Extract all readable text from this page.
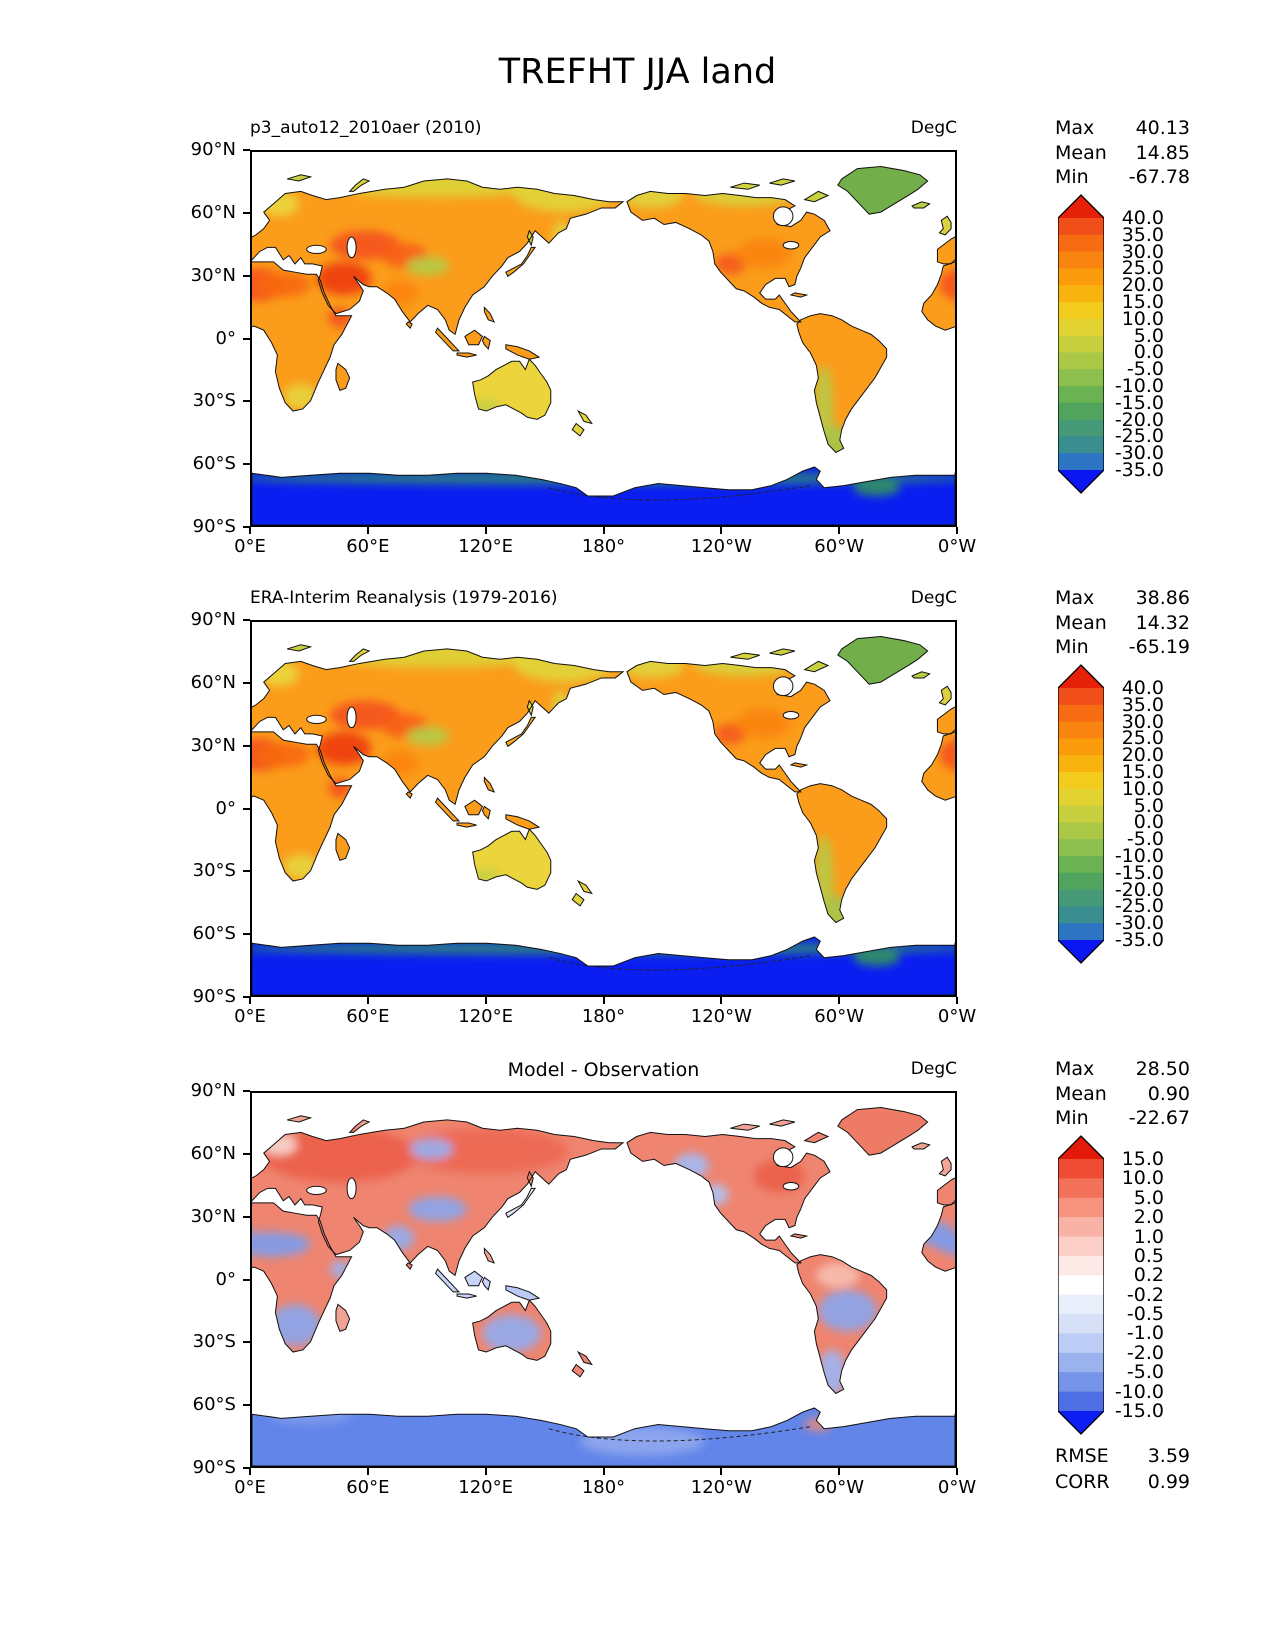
TREFHT JJA land
p3_auto12_2010aer (2010)	DegC	Max 40.13
Mean 14.85
Min -67.78
90°N
60°N
30°N
0°
30°S
60°S
90°S
0°E	60°E	120°E	180°	120°W	60°W	0°W
40.0
35.0
30.0
25.0
20.0
15.0
10.0
5.0
0.0
-5.0
-10.0
-15.0
-20.0
-25.0
-30.0
-35.0
ERA-Interim Reanalysis (1979-2016)	DegC	Max 38.86
Mean 14.32
Min -65.19
90°N
60°N
30°N
0°
30°S
60°S
90°S
0°E	60°E	120°E	180°	120°W	60°W	0°W
40.0
35.0
30.0
25.0
20.0
15.0
10.0
5.0
0.0
-5.0
-10.0
-15.0
-20.0
-25.0
-30.0
-35.0
Model - Observation	DegC	Max 28.50
Mean 0.90
Min -22.67
RMSE 3.59
CORR 0.99
90°N
60°N
30°N
0°
30°S
60°S
90°S
0°E	60°E	120°E	180°	120°W	60°W	0°W
15.0
10.0
5.0
2.0
1.0
0.5
0.2
-0.2
-0.5
-1.0
-2.0
-5.0
-10.0
-15.0
